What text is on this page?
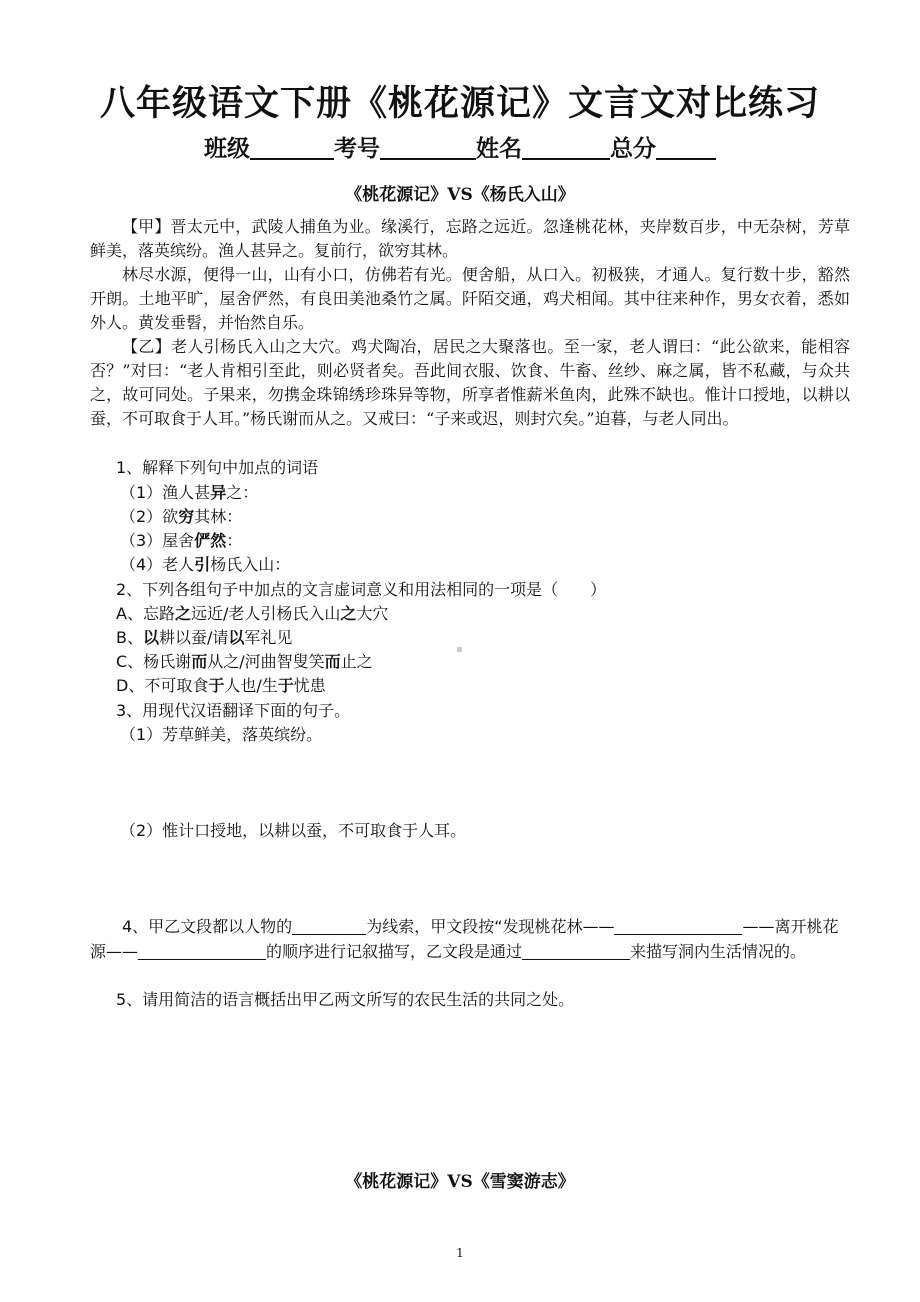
八年级语文下册《桃花源记》文言文对比练习
班级	考号	姓名	总分
《桃花源记》VS《杨氏入山》

【甲】晋太元中，武陵人捕鱼为业。缘溪行，忘路之远近。忽逢桃花林，夹岸数百步，中无杂树，芳草鲜美，落英缤纷。渔人甚异之。复前行，欲穷其林。

林尽水源，便得一山，山有小口，仿佛若有光。便舍船，从口入。初极狭，才通人。复行数十步，豁然开朗。土地平旷，屋舍俨然，有良田美池桑竹之属。阡陌交通，鸡犬相闻。其中往来种作，男女衣着，悉如外人。黄发垂髫，并怡然自乐。

【乙】老人引杨氏入山之大穴。鸡犬陶冶，居民之大聚落也。至一家，老人谓曰：“此公欲来，能相容否？”对曰：“老人肯相引至此，则必贤者矣。吾此间衣服、饮食、牛畜、丝纱、麻之属，皆不私藏，与众共之，故可同处。子果来，勿携金珠锦绣珍珠异等物，所享者惟薪米鱼肉，此殊不缺也。惟计口授地，以耕以蚕，不可取食于人耳。”杨氏谢而从之。又戒曰：“子来或迟，则封穴矣。”迫暮，与老人同出。

1、解释下列句中加点的词语
（1）渔人甚异之：
（2）欲穷其林：
（3）屋舍俨然：
（4）老人引杨氏入山：
2、下列各组句子中加点的文言虚词意义和用法相同的一项是（　　）
A、忘路之远近/老人引杨氏入山之大穴
B、以耕以蚕/请以军礼见
C、杨氏谢而从之/河曲智叟笑而止之
D、不可取食于人也/生于忧患
3、用现代汉语翻译下面的句子。
（1）芳草鲜美，落英缤纷。
（2）惟计口授地，以耕以蚕，不可取食于人耳。
4、甲乙文段都以人物的	为线索，甲文段按“发现桃花林——	——离开桃花源——	的顺序进行记叙描写，乙文段是通过	来描写洞内生活情况的。
5、请用简洁的语言概括出甲乙两文所写的农民生活的共同之处。
《桃花源记》VS《雪窦游志》
1
